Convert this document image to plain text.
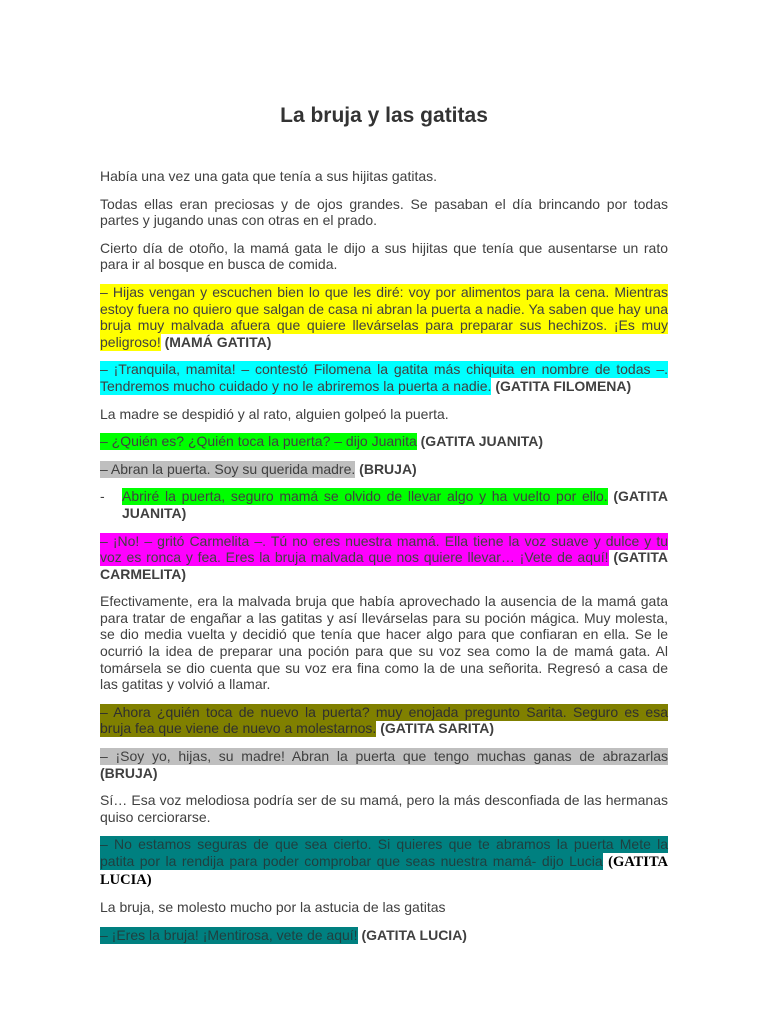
La bruja y las gatitas

Había una vez una gata que tenía a sus hijitas gatitas.

Todas ellas eran preciosas y de ojos grandes. Se pasaban el día brincando por todas partes y jugando unas con otras en el prado.

Cierto día de otoño, la mamá gata le dijo a sus hijitas que tenía que ausentarse un rato para ir al bosque en busca de comida.

– Hijas vengan y escuchen bien lo que les diré: voy por alimentos para la cena. Mientras estoy fuera no quiero que salgan de casa ni abran la puerta a nadie. Ya saben que hay una bruja muy malvada afuera que quiere llevárselas para preparar sus hechizos. ¡Es muy peligroso! (MAMÁ GATITA)

– ¡Tranquila, mamita! – contestó Filomena la gatita más chiquita en nombre de todas –. Tendremos mucho cuidado y no le abriremos la puerta a nadie. (GATITA FILOMENA)

La madre se despidió y al rato, alguien golpeó la puerta.

– ¿Quién es? ¿Quién toca la puerta? – dijo Juanita (GATITA JUANITA)

– Abran la puerta. Soy su querida madre. (BRUJA)

-	Abriré la puerta, seguro mamá se olvido de llevar algo y ha vuelto por ello. (GATITA JUANITA)

– ¡No! – gritó Carmelita –. Tú no eres nuestra mamá. Ella tiene la voz suave y dulce y tu voz es ronca y fea. Eres la bruja malvada que nos quiere llevar… ¡Vete de aquí! (GATITA CARMELITA)

Efectivamente, era la malvada bruja que había aprovechado la ausencia de la mamá gata para tratar de engañar a las gatitas y así llevárselas para su poción mágica. Muy molesta, se dio media vuelta y decidió que tenía que hacer algo para que confiaran en ella. Se le ocurrió la idea de preparar una poción para que su voz sea como la de mamá gata. Al tomársela se dio cuenta que su voz era fina como la de una señorita. Regresó a casa de las gatitas y volvió a llamar.

– Ahora ¿quién toca de nuevo la puerta? muy enojada pregunto Sarita. Seguro es esa bruja fea que viene de nuevo a molestarnos. (GATITA SARITA)

– ¡Soy yo, hijas, su madre! Abran la puerta que tengo muchas ganas de abrazarlas (BRUJA)

Sí… Esa voz melodiosa podría ser de su mamá, pero la más desconfiada de las hermanas quiso cerciorarse.

– No estamos seguras de que sea cierto. Si quieres que te abramos la puerta Mete la patita por la rendija para poder comprobar que seas nuestra mamá- dijo Lucia (GATITA LUCIA)

La bruja, se molesto mucho por la astucia de las gatitas

– ¡Eres la bruja! ¡Mentirosa, vete de aquí! (GATITA LUCIA)
